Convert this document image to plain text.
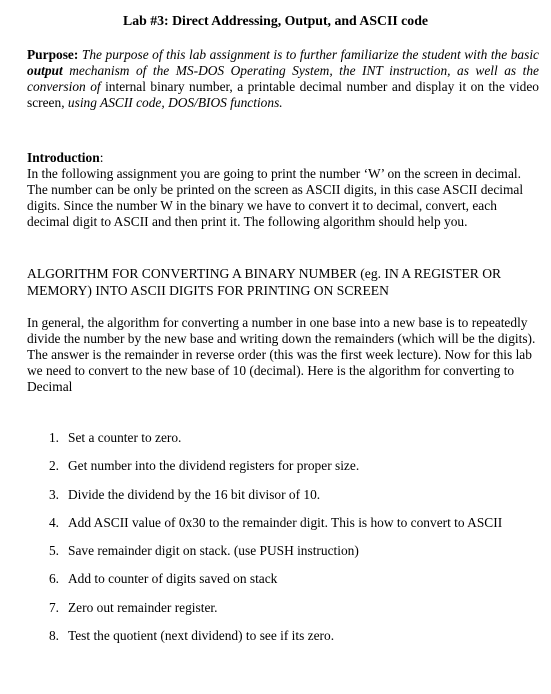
Lab #3: Direct Addressing, Output, and ASCII code
Purpose: The purpose of this lab assignment is to further familiarize the student with the basic output mechanism of the MS-DOS Operating System, the INT instruction, as well as the conversion of internal binary number, a printable decimal number and display it on the video screen, using ASCII code, DOS/BIOS functions.
Introduction:
In the following assignment you are going to print the number ‘W’ on the screen in decimal. The number can be only be printed on the screen as ASCII digits, in this case ASCII decimal digits. Since the number W in the binary we have to convert it to decimal, convert, each decimal digit to ASCII and then print it. The following algorithm should help you.
ALGORITHM FOR CONVERTING A BINARY NUMBER (eg. IN A REGISTER OR MEMORY) INTO ASCII DIGITS FOR PRINTING ON SCREEN
In general, the algorithm for converting a number in one base into a new base is to repeatedly divide the number by the new base and writing down the remainders (which will be the digits). The answer is the remainder in reverse order (this was the first week lecture). Now for this lab we need to convert to the new base of 10 (decimal). Here is the algorithm for converting to Decimal
1. Set a counter to zero.
2. Get number into the dividend registers for proper size.
3. Divide the dividend by the 16 bit divisor of 10.
4. Add ASCII value of 0x30 to the remainder digit. This is how to convert to ASCII
5. Save remainder digit on stack. (use PUSH instruction)
6. Add to counter of digits saved on stack
7. Zero out remainder register.
8. Test the quotient (next dividend) to see if its zero.
